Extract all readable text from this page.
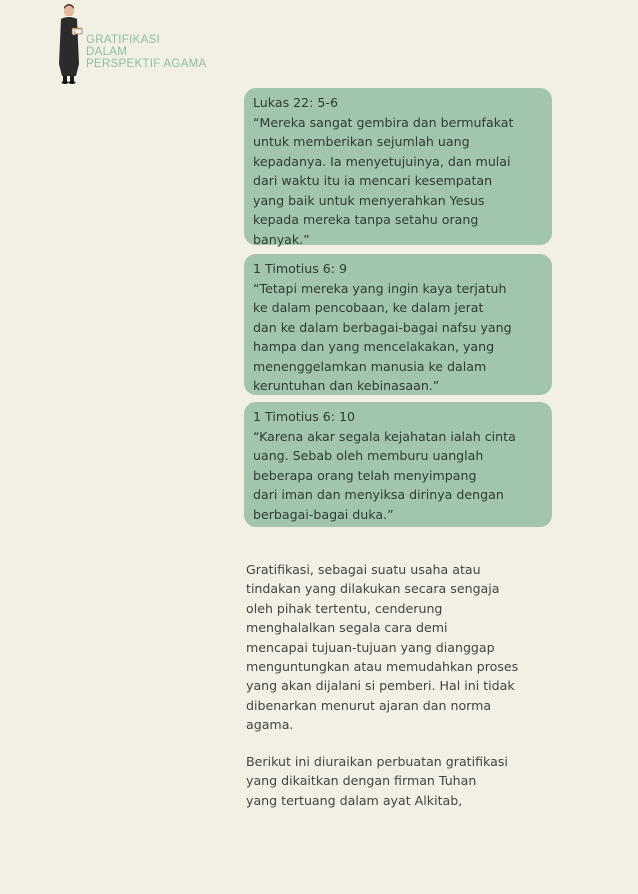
GRATIFIKASI
DALAM
PERSPEKTIF AGAMA
Lukas 22: 5-6
“Mereka sangat gembira dan bermufakat
untuk memberikan sejumlah uang
kepadanya. Ia menyetujuinya, dan mulai
dari waktu itu ia mencari kesempatan
yang baik untuk menyerahkan Yesus
kepada mereka tanpa setahu orang
banyak.”
1 Timotius 6: 9
“Tetapi mereka yang ingin kaya terjatuh
ke dalam pencobaan, ke dalam jerat
dan ke dalam berbagai-bagai nafsu yang
hampa dan yang mencelakakan, yang
menenggelamkan manusia ke dalam
keruntuhan dan kebinasaan.”
1 Timotius 6: 10
“Karena akar segala kejahatan ialah cinta
uang. Sebab oleh memburu uanglah
beberapa orang telah menyimpang
dari iman dan menyiksa dirinya dengan
berbagai-bagai duka.”
Gratifikasi, sebagai suatu usaha atau
tindakan yang dilakukan secara sengaja
oleh pihak tertentu, cenderung
menghalalkan segala cara demi
mencapai tujuan-tujuan yang dianggap
menguntungkan atau memudahkan proses
yang akan dijalani si pemberi. Hal ini tidak
dibenarkan menurut ajaran dan norma
agama.
Berikut ini diuraikan perbuatan gratifikasi
yang dikaitkan dengan firman Tuhan
yang tertuang dalam ayat Alkitab,
